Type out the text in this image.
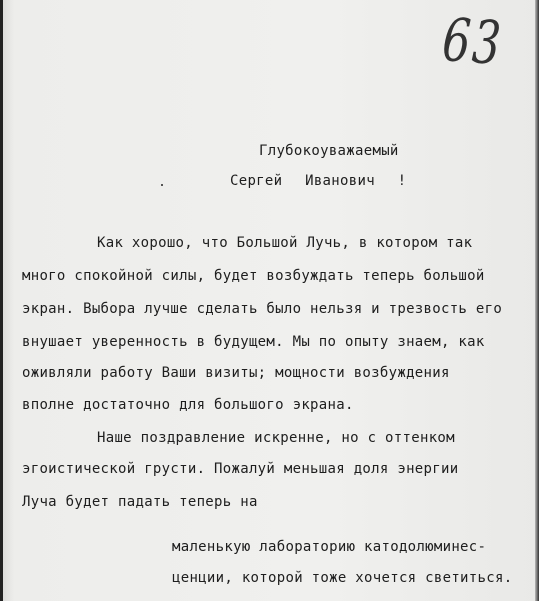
63
Глубокоуважаемый
Сергей Иванович !
Как хорошо, что Большой Лучь, в котором так
много спокойной силы, будет возбуждать теперь большой
экран. Выбора лучше сделать было нельзя и трезвость его
внушает уверенность в будущем. Мы по опыту знаем, как
оживляли работу Ваши визиты; мощности возбуждения
вполне достаточно для большого экрана.
Наше поздравление искренне, но с оттенком
эгоистической грусти. Пожалуй меньшая доля энергии
Луча будет падать теперь на
маленькую лабораторию катодолюминес-
ценции, которой тоже хочется светиться.
